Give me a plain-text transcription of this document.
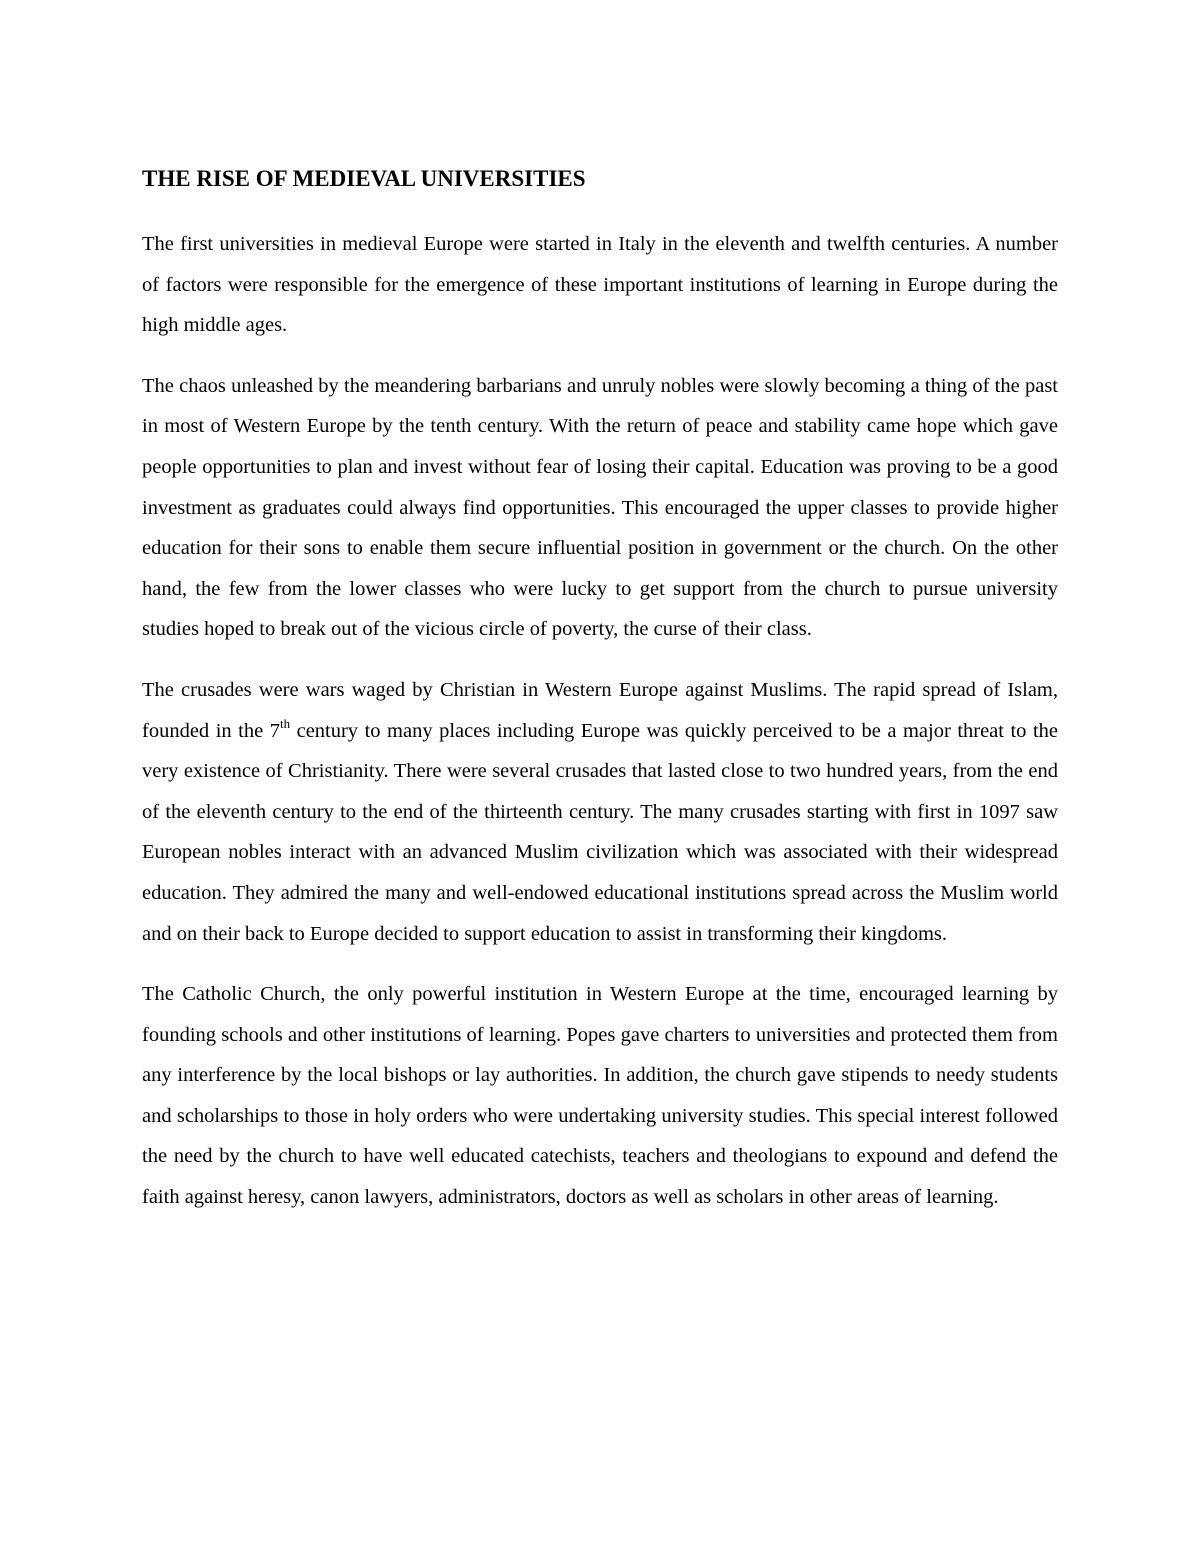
THE RISE OF MEDIEVAL UNIVERSITIES

The first universities in medieval Europe were started in Italy in the eleventh and twelfth centuries. A number of factors were responsible for the emergence of these important institutions of learning in Europe during the high middle ages.

The chaos unleashed by the meandering barbarians and unruly nobles were slowly becoming a thing of the past in most of Western Europe by the tenth century. With the return of peace and stability came hope which gave people opportunities to plan and invest without fear of losing their capital. Education was proving to be a good investment as graduates could always find opportunities. This encouraged the upper classes to provide higher education for their sons to enable them secure influential position in government or the church. On the other hand, the few from the lower classes who were lucky to get support from the church to pursue university studies hoped to break out of the vicious circle of poverty, the curse of their class.

The crusades were wars waged by Christian in Western Europe against Muslims. The rapid spread of Islam, founded in the 7th century to many places including Europe was quickly perceived to be a major threat to the very existence of Christianity. There were several crusades that lasted close to two hundred years, from the end of the eleventh century to the end of the thirteenth century. The many crusades starting with first in 1097 saw European nobles interact with an advanced Muslim civilization which was associated with their widespread education. They admired the many and well-endowed educational institutions spread across the Muslim world and on their back to Europe decided to support education to assist in transforming their kingdoms.

The Catholic Church, the only powerful institution in Western Europe at the time, encouraged learning by founding schools and other institutions of learning. Popes gave charters to universities and protected them from any interference by the local bishops or lay authorities. In addition, the church gave stipends to needy students and scholarships to those in holy orders who were undertaking university studies. This special interest followed the need by the church to have well educated catechists, teachers and theologians to expound and defend the faith against heresy, canon lawyers, administrators, doctors as well as scholars in other areas of learning.
